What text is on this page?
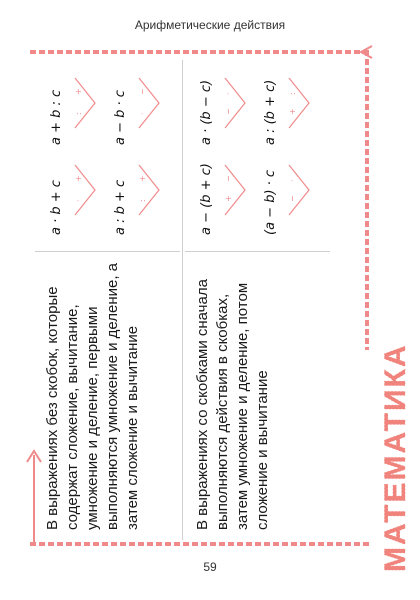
Арифметические действия
В выражениях без скобок, которые содержат сложение, вычитание, умножение и деление, первыми выполняются умножение и деление, а затем сложение и вычитание
a · b + c
a + b : c
a : b + c
a − b · c
·
+
:
+
:
+
·
−
В выражениях со скобками сначала выполняются действия в скобках, затем умножение и деление, потом сложение и вычитание
a − (b + c)
a · (b − c)
(a − b) · c
a : (b + c)
+
−
−
·
−
·
+
:
МАТЕМАТИКА
59
